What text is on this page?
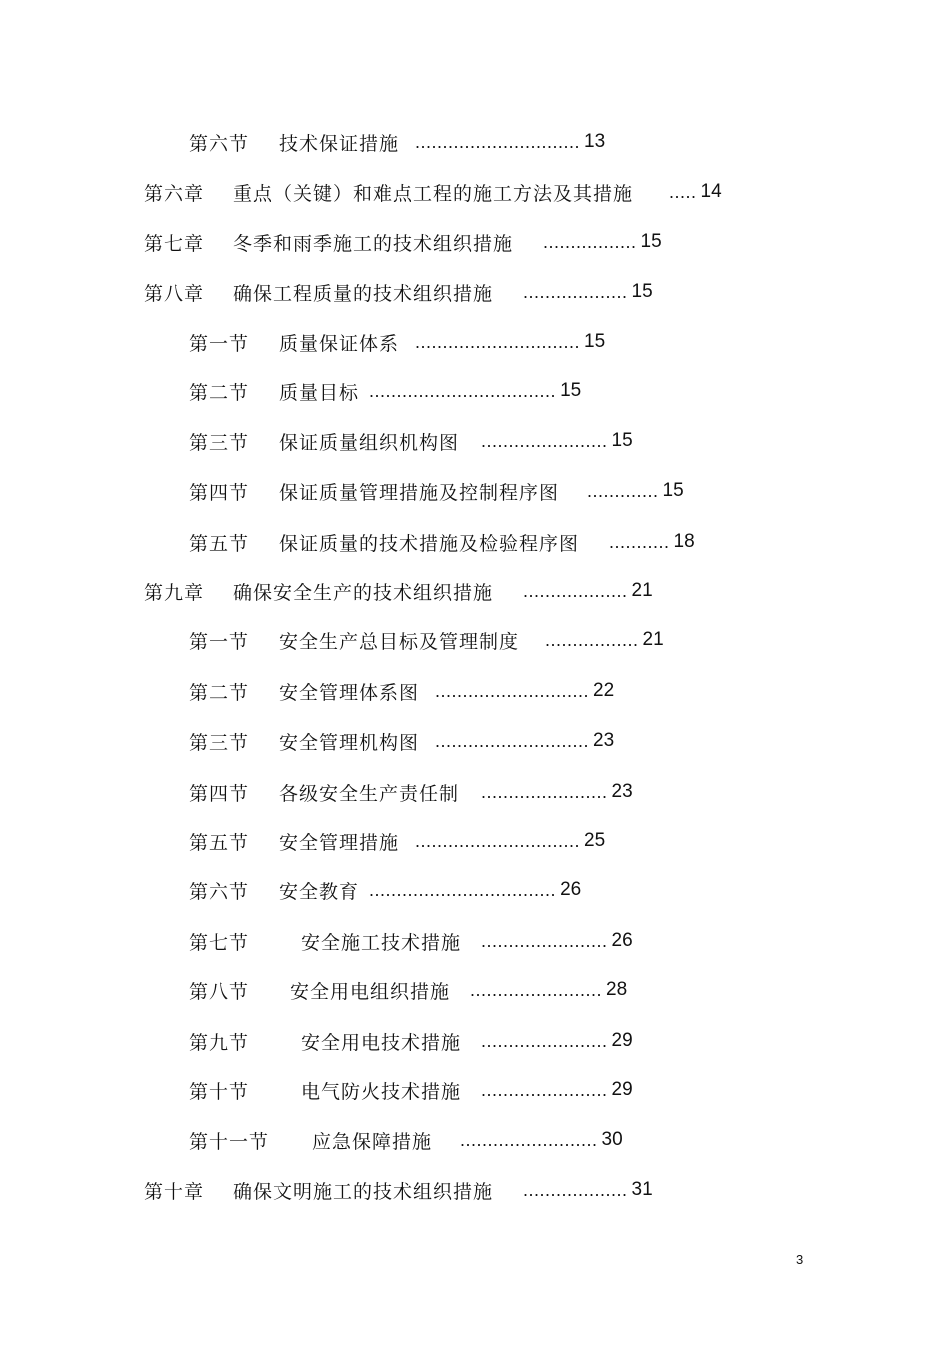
第六节	技术保证措施 .............................. 13
第六章	重点（关键）和难点工程的施工方法及其措施 ..... 14
第七章	冬季和雨季施工的技术组织措施 ................. 15
第八章	确保工程质量的技术组织措施 ................... 15
第一节	质量保证体系 .............................. 15
第二节	质量目标 .................................. 15
第三节	保证质量组织机构图 ....................... 15
第四节	保证质量管理措施及控制程序图 ............. 15
第五节	保证质量的技术措施及检验程序图 ........... 18
第九章	确保安全生产的技术组织措施 ................... 21
第一节	安全生产总目标及管理制度 ................. 21
第二节	安全管理体系图 ............................ 22
第三节	安全管理机构图 ............................ 23
第四节	各级安全生产责任制 ....................... 23
第五节	安全管理措施 .............................. 25
第六节	安全教育 .................................. 26
第七节	安全施工技术措施 ....................... 26
第八节	安全用电组织措施 ........................ 28
第九节	安全用电技术措施 ....................... 29
第十节	电气防火技术措施 ....................... 29
第十一节	应急保障措施 ......................... 30
第十章	确保文明施工的技术组织措施 ................... 31
3
